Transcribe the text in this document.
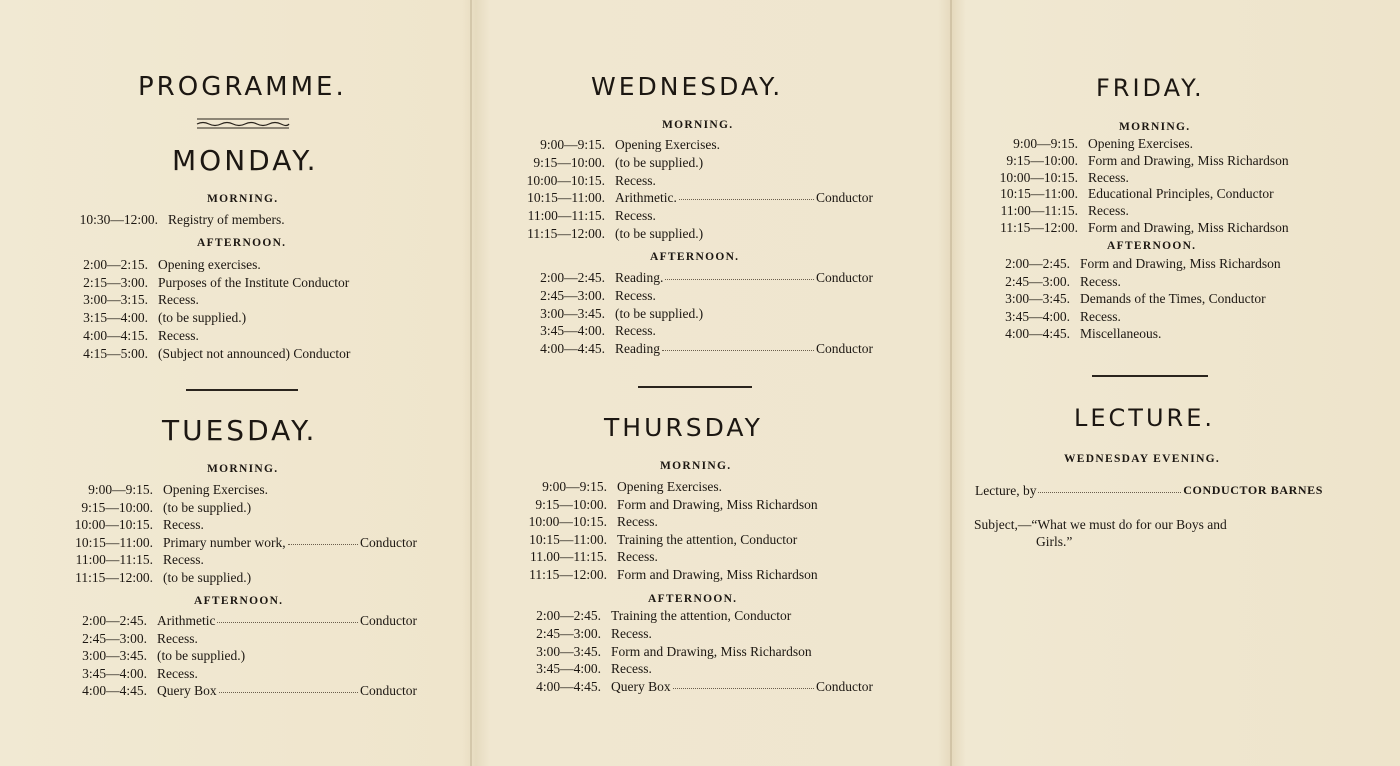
PROGRAMME.
MONDAY.
MORNING.
10:30—12:00. Registry of members.
AFTERNOON.
2:00—2:15. Opening exercises.
2:15—3:00. Purposes of the Institute Conductor
3:00—3:15. Recess.
3:15—4:00. (to be supplied.)
4:00—4:15. Recess.
4:15—5:00. (Subject not announced) Conductor
TUESDAY.
MORNING.
9:00—9:15. Opening Exercises.
9:15—10:00. (to be supplied.)
10:00—10:15. Recess.
10:15—11:00. Primary number work,	Conductor
11:00—11:15. Recess.
11:15—12:00. (to be supplied.)
AFTERNOON.
2:00—2:45. Arithmetic	Conductor
2:45—3:00. Recess.
3:00—3:45. (to be supplied.)
3:45—4:00. Recess.
4:00—4:45. Query Box	Conductor
WEDNESDAY.
MORNING.
9:00—9:15. Opening Exercises.
9:15—10:00. (to be supplied.)
10:00—10:15. Recess.
10:15—11:00. Arithmetic.	Conductor
11:00—11:15. Recess.
11:15—12:00. (to be supplied.)
AFTERNOON.
2:00—2:45. Reading.	Conductor
2:45—3:00. Recess.
3:00—3:45. (to be supplied.)
3:45—4:00. Recess.
4:00—4:45. Reading	Conductor
THURSDAY
MORNING.
9:00—9:15. Opening Exercises.
9:15—10:00. Form and Drawing, Miss Richardson
10:00—10:15. Recess.
10:15—11:00. Training the attention, Conductor
11.00—11:15. Recess.
11:15—12:00. Form and Drawing, Miss Richardson
AFTERNOON.
2:00—2:45. Training the attention, Conductor
2:45—3:00. Recess.
3:00—3:45. Form and Drawing, Miss Richardson
3:45—4:00. Recess.
4:00—4:45. Query Box	Conductor
FRIDAY.
MORNING.
9:00—9:15. Opening Exercises.
9:15—10:00. Form and Drawing, Miss Richardson
10:00—10:15. Recess.
10:15—11:00. Educational Principles, Conductor
11:00—11:15. Recess.
11:15—12:00. Form and Drawing, Miss Richardson
AFTERNOON.
2:00—2:45. Form and Drawing, Miss Richardson
2:45—3:00. Recess.
3:00—3:45. Demands of the Times, Conductor
3:45—4:00. Recess.
4:00—4:45. Miscellaneous.
LECTURE.
WEDNESDAY EVENING.
Lecture, by	CONDUCTOR BARNES
Subject,—“What we must do for our Boys and
Girls.”
